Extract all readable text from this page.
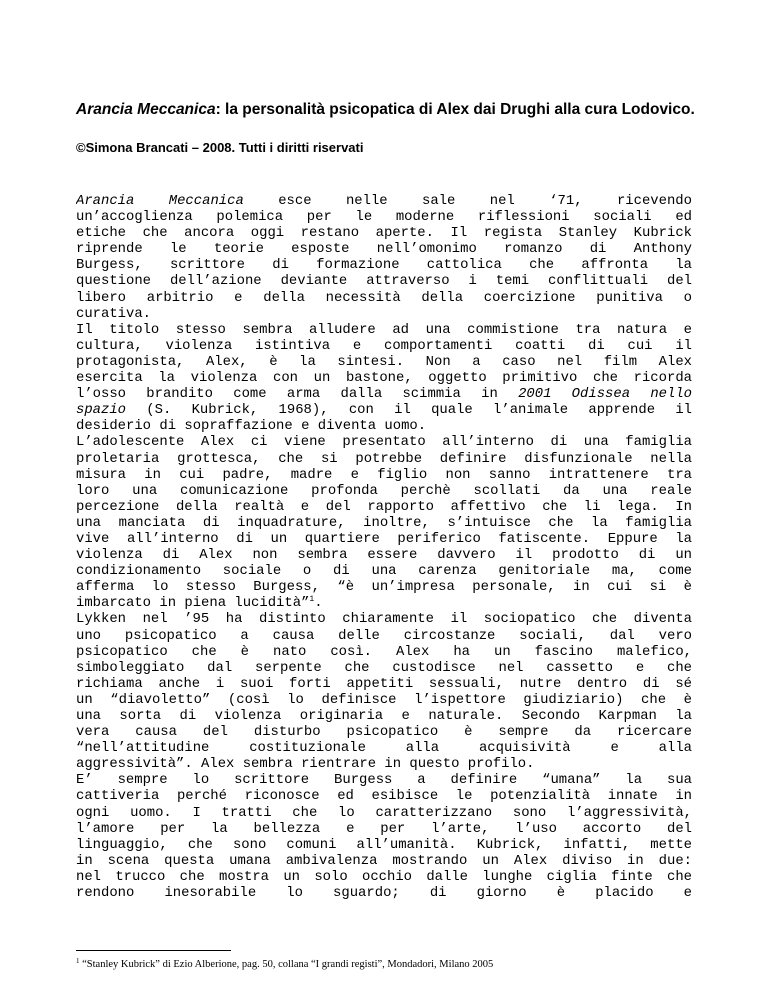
Arancia Meccanica: la personalità psicopatica di Alex dai Drughi alla cura Lodovico.
©Simona Brancati – 2008. Tutti i diritti riservati
Arancia Meccanica esce nelle sale nel ‘71, ricevendo
un’accoglienza polemica per le moderne riflessioni sociali ed
etiche che ancora oggi restano aperte. Il regista Stanley Kubrick
riprende le teorie esposte nell’omonimo romanzo di Anthony
Burgess, scrittore di formazione cattolica che affronta la
questione dell’azione deviante attraverso i temi conflittuali del
libero arbitrio e della necessità della coercizione punitiva o
curativa.
Il titolo stesso sembra alludere ad una commistione tra natura e
cultura, violenza istintiva e comportamenti coatti di cui il
protagonista, Alex, è la sintesi. Non a caso nel film Alex
esercita la violenza con un bastone, oggetto primitivo che ricorda
l’osso brandito come arma dalla scimmia in 2001 Odissea nello
spazio (S. Kubrick, 1968), con il quale l’animale apprende il
desiderio di sopraffazione e diventa uomo.
L’adolescente Alex ci viene presentato all’interno di una famiglia
proletaria grottesca, che si potrebbe definire disfunzionale nella
misura in cui padre, madre e figlio non sanno intrattenere tra
loro una comunicazione profonda perchè scollati da una reale
percezione della realtà e del rapporto affettivo che li lega. In
una manciata di inquadrature, inoltre, s’intuisce che la famiglia
vive all’interno di un quartiere periferico fatiscente. Eppure la
violenza di Alex non sembra essere davvero il prodotto di un
condizionamento sociale o di una carenza genitoriale ma, come
afferma lo stesso Burgess, “è un’impresa personale, in cui si è
imbarcato in piena lucidità”$^1$.
Lykken nel ’95 ha distinto chiaramente il sociopatico che diventa
uno psicopatico a causa delle circostanze sociali, dal vero
psicopatico che è nato così. Alex ha un fascino malefico,
simboleggiato dal serpente che custodisce nel cassetto e che
richiama anche i suoi forti appetiti sessuali, nutre dentro di sé
un “diavoletto” (così lo definisce l’ispettore giudiziario) che è
una sorta di violenza originaria e naturale. Secondo Karpman la
vera causa del disturbo psicopatico è sempre da ricercare
“nell’attitudine costituzionale alla acquisività e alla
aggressività”. Alex sembra rientrare in questo profilo.
E’ sempre lo scrittore Burgess a definire “umana” la sua
cattiveria perché riconosce ed esibisce le potenzialità innate in
ogni uomo. I tratti che lo caratterizzano sono l’aggressività,
l’amore per la bellezza e per l’arte, l’uso accorto del
linguaggio, che sono comuni all’umanità. Kubrick, infatti, mette
in scena questa umana ambivalenza mostrando un Alex diviso in due:
nel trucco che mostra un solo occhio dalle lunghe ciglia finte che
rendono inesorabile lo sguardo; di giorno è placido e
$^1$ “Stanley Kubrick” di Ezio Alberione, pag. 50, collana “I grandi registi”, Mondadori, Milano 2005
